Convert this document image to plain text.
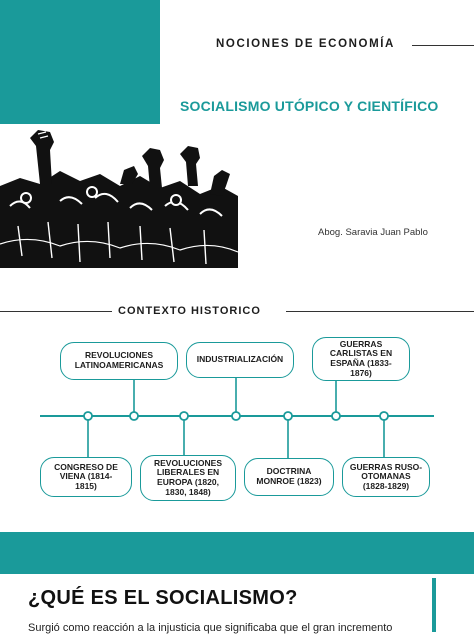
NOCIONES DE ECONOMÍA
SOCIALISMO UTÓPICO Y CIENTÍFICO
Abog. Saravia Juan Pablo
CONTEXTO HISTORICO
REVOLUCIONES
LATINOAMERICANAS
INDUSTRIALIZACIÓN
GUERRAS
CARLISTAS EN
ESPAÑA (1833-
1876)
CONGRESO DE
VIENA (1814-
1815)
REVOLUCIONES
LIBERALES EN
EUROPA (1820,
1830, 1848)
DOCTRINA
MONROE (1823)
GUERRAS RUSO-
OTOMANAS
(1828-1829)
¿QUÉ ES EL SOCIALISMO?
Surgió como reacción a la injusticia que significaba que el gran incremento
